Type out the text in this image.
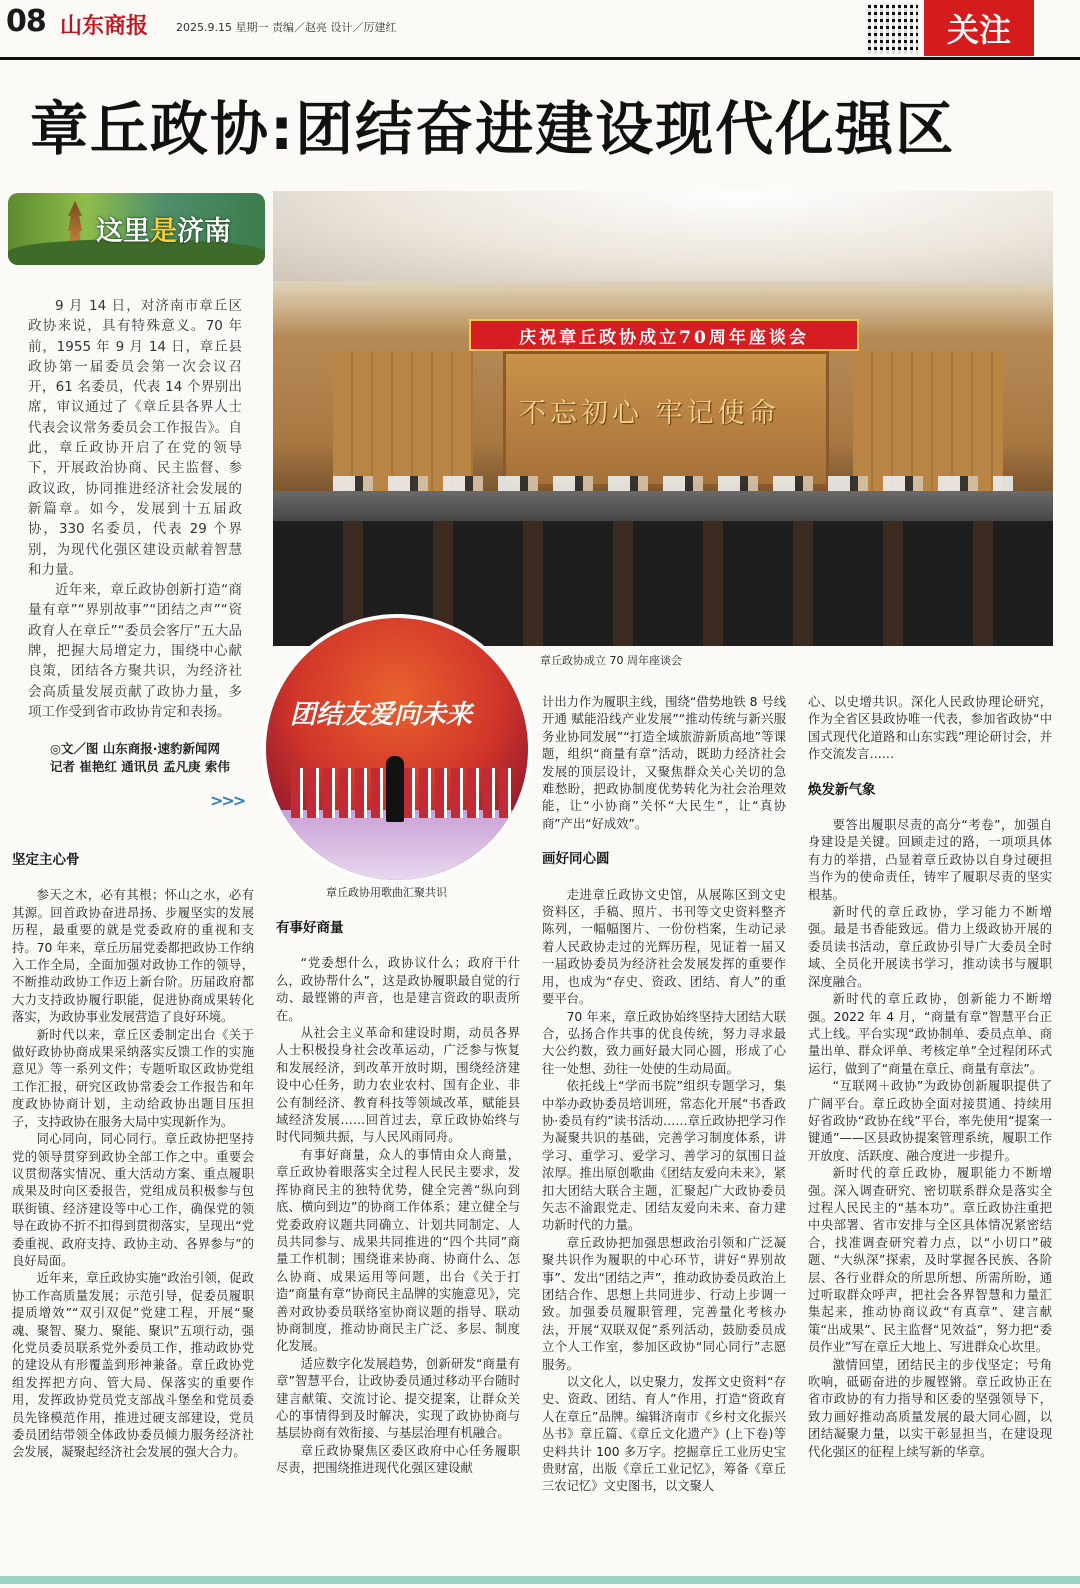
08 山东商报	2025.9.15 星期一 责编／赵亮 设计／厉建红	关注
章丘政协:团结奋进建设现代化强区
这里是济南

9 月 14 日，对济南市章丘区政协来说，具有特殊意义。70 年前，1955 年 9 月 14 日，章丘县政协第一届委员会第一次会议召开，61 名委员，代表 14 个界别出席，审议通过了《章丘县各界人士代表会议常务委员会工作报告》。自此，章丘政协开启了在党的领导下，开展政治协商、民主监督、参政议政，协同推进经济社会发展的新篇章。如今，发展到十五届政协，330 名委员，代表 29 个界别，为现代化强区建设贡献着智慧和力量。

近年来，章丘政协创新打造“商量有章”“界别故事”“团结之声”“资政育人在章丘”“委员会客厅”五大品牌，把握大局增定力，围绕中心献良策，团结各方聚共识，为经济社会高质量发展贡献了政协力量，多项工作受到省市政协肯定和表扬。

◎文／图 山东商报·速豹新闻网
记者 崔艳红 通讯员 孟凡庚 索伟
>>>
庆祝章丘政协成立70周年座谈会
不忘初心 牢记使命
章丘政协成立 70 周年座谈会
团结友爱向未来
章丘政协用歌曲汇聚共识
坚定主心骨

参天之木，必有其根；怀山之水，必有其源。回首政协奋进昂扬、步履坚实的发展历程，最重要的就是党委政府的重视和支持。70 年来，章丘历届党委都把政协工作纳入工作全局，全面加强对政协工作的领导，不断推动政协工作迈上新台阶。历届政府都大力支持政协履行职能，促进协商成果转化落实，为政协事业发展营造了良好环境。

新时代以来，章丘区委制定出台《关于做好政协协商成果采纳落实反馈工作的实施意见》等一系列文件；专题听取区政协党组工作汇报，研究区政协常委会工作报告和年度政协协商计划，主动给政协出题目压担子，支持政协在服务大局中实现新作为。

同心同向，同心同行。章丘政协把坚持党的领导贯穿到政协全部工作之中。重要会议贯彻落实情况、重大活动方案、重点履职成果及时向区委报告，党组成员积极参与包联街镇、经济建设等中心工作，确保党的领导在政协不折不扣得到贯彻落实，呈现出“党委重视、政府支持、政协主动、各界参与”的良好局面。

近年来，章丘政协实施“政治引领，促政协工作高质量发展；示范引导，促委员履职提质增效”“双引双促”党建工程，开展“聚魂、聚智、聚力、聚能、聚识”五项行动，强化党员委员联系党外委员工作，推动政协党的建设从有形覆盖到形神兼备。章丘政协党组发挥把方向、管大局、保落实的重要作用，发挥政协党员党支部战斗堡垒和党员委员先锋模范作用，推进过硬支部建设，党员委员团结带领全体政协委员倾力服务经济社会发展，凝聚起经济社会发展的强大合力。

有事好商量

“党委想什么，政协议什么；政府干什么，政协帮什么”，这是政协履职最自觉的行动、最铿锵的声音，也是建言资政的职责所在。

从社会主义革命和建设时期，动员各界人士积极投身社会改革运动，广泛参与恢复和发展经济，到改革开放时期，围绕经济建设中心任务，助力农业农村、国有企业、非公有制经济、教育科技等领域改革，赋能县域经济发展……回首过去，章丘政协始终与时代同频共振，与人民风雨同舟。

有事好商量，众人的事情由众人商量，章丘政协着眼落实全过程人民民主要求，发挥协商民主的独特优势，健全完善“纵向到底、横向到边”的协商工作体系；建立健全与党委政府议题共同确立、计划共同制定、人员共同参与、成果共同推进的“四个共同”商量工作机制；围绕谁来协商、协商什么、怎么协商、成果运用等问题，出台《关于打造“商量有章”协商民主品牌的实施意见》，完善对政协委员联络室协商议题的指导、联动协商制度，推动协商民主广泛、多层、制度化发展。

适应数字化发展趋势，创新研发“商量有章”智慧平台，让政协委员通过移动平台随时建言献策、交流讨论、提交提案，让群众关心的事情得到及时解决，实现了政协协商与基层协商有效衔接、与基层治理有机融合。

章丘政协聚焦区委区政府中心任务履职尽责，把围绕推进现代化强区建设献

计出力作为履职主线，围绕“借势地铁 8 号线开通 赋能沿线产业发展”“推动传统与新兴服务业协同发展”“打造全域旅游新质高地”等课题，组织“商量有章”活动，既助力经济社会发展的顶层设计，又聚焦群众关心关切的急难愁盼，把政协制度优势转化为社会治理效能，让“小协商”关怀“大民生”，让“真协商”产出“好成效”。

画好同心圆

走进章丘政协文史馆，从展陈区到文史资料区，手稿、照片、书刊等文史资料整齐陈列，一幅幅图片、一份份档案，生动记录着人民政协走过的光辉历程，见证着一届又一届政协委员为经济社会发展发挥的重要作用，也成为“存史、资政、团结、育人”的重要平台。

70 年来，章丘政协始终坚持大团结大联合，弘扬合作共事的优良传统，努力寻求最大公约数，致力画好最大同心圆，形成了心往一处想、劲往一处使的生动局面。

依托线上“学而书院”组织专题学习，集中举办政协委员培训班，常态化开展“书香政协·委员有约”读书活动……章丘政协把学习作为凝聚共识的基础，完善学习制度体系，讲学习、重学习、爱学习、善学习的氛围日益浓厚。推出原创歌曲《团结友爱向未来》，紧扣大团结大联合主题，汇聚起广大政协委员矢志不渝跟党走、团结友爱向未来、奋力建功新时代的力量。

章丘政协把加强思想政治引领和广泛凝聚共识作为履职的中心环节，讲好“界别故事”、发出“团结之声”，推动政协委员政治上团结合作、思想上共同进步、行动上步调一致。加强委员履职管理，完善量化考核办法，开展“双联双促”系列活动，鼓励委员成立个人工作室，参加区政协“同心同行”志愿服务。

以文化人，以史聚力，发挥文史资料“存史、资政、团结、育人”作用，打造“资政育人在章丘”品牌。编辑济南市《乡村文化振兴丛书》章丘篇、《章丘文化遗产》(上下卷)等史料共计 100 多万字。挖掘章丘工业历史宝贵财富，出版《章丘工业记忆》，筹备《章丘三农记忆》文史图书，以文聚人

心、以史增共识。深化人民政协理论研究，作为全省区县政协唯一代表，参加省政协“中国式现代化道路和山东实践”理论研讨会，并作交流发言……

焕发新气象

要答出履职尽责的高分“考卷”，加强自身建设是关键。回顾走过的路，一项项具体有力的举措，凸显着章丘政协以自身过硬担当作为的使命责任，铸牢了履职尽责的坚实根基。

新时代的章丘政协，学习能力不断增强。最是书香能致远。借力上级政协开展的委员读书活动，章丘政协引导广大委员全时域、全员化开展读书学习，推动读书与履职深度融合。

新时代的章丘政协，创新能力不断增强。2022 年 4 月，“商量有章”智慧平台正式上线。平台实现“政协制单、委员点单、商量出单、群众评单、考核定单”全过程闭环式运行，做到了“商量在章丘、商量有章法”。

“互联网＋政协”为政协创新履职提供了广阔平台。章丘政协全面对接贯通、持续用好省政协“政协在线”平台，率先使用“提案一键通”——区县政协提案管理系统，履职工作开放度、活跃度、融合度进一步提升。

新时代的章丘政协，履职能力不断增强。深入调查研究、密切联系群众是落实全过程人民民主的“基本功”。章丘政协注重把中央部署、省市安排与全区具体情况紧密结合，找准调查研究着力点，以“小切口”破题、“大纵深”探索，及时掌握各民族、各阶层、各行业群众的所思所想、所需所盼，通过听取群众呼声，把社会各界智慧和力量汇集起来，推动协商议政“有真章”、建言献策“出成果”、民主监督“见效益”，努力把“委员作业”写在章丘大地上、写进群众心坎里。

激情回望，团结民主的步伐坚定；号角吹响，砥砺奋进的步履铿锵。章丘政协正在省市政协的有力指导和区委的坚强领导下，致力画好推动高质量发展的最大同心圆，以团结凝聚力量，以实干彰显担当，在建设现代化强区的征程上续写新的华章。
